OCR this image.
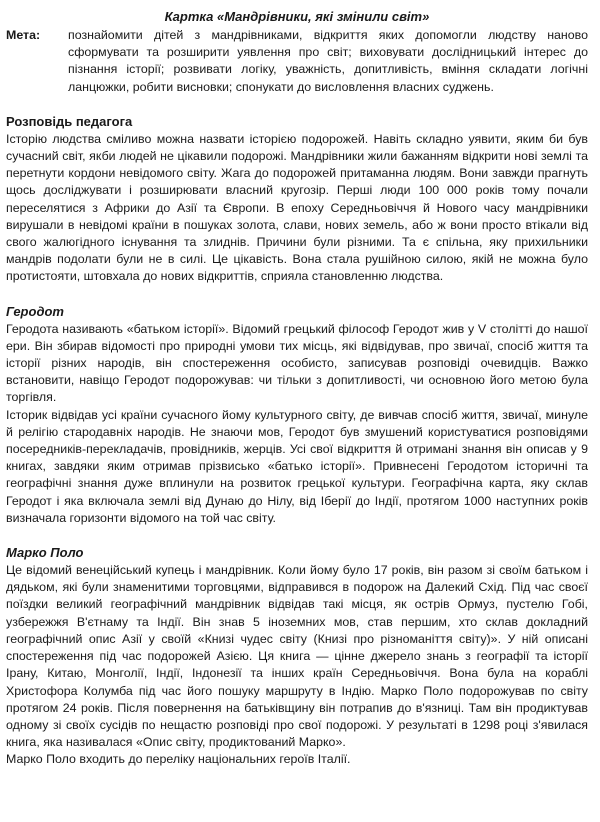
Картка «Мандрівники, які змінили світ»
Мета:	познайомити дітей з мандрівниками, відкриття яких допомогли людству наново сформувати та розширити уявлення про світ; виховувати дослідницький інтерес до пізнання історії; розвивати логіку, уважність, допитливість, вміння складати логічні ланцюжки, робити висновки; спонукати до висловлення власних суджень.
Розповідь педагога

Історію людства сміливо можна назвати історією подорожей. Навіть складно уявити, яким би був сучасний світ, якби людей не цікавили подорожі. Мандрівники жили бажанням відкрити нові землі та перетнути кордони невідомого світу. Жага до подорожей притаманна людям. Вони завжди прагнуть щось досліджувати і розширювати власний кругозір. Перші люди 100 000 років тому почали переселятися з Африки до Азії та Європи. В епоху Середньовіччя й Нового часу мандрівники вирушали в невідомі країни в пошуках золота, слави, нових земель, або ж вони просто втікали від свого жалюгідного існування та злиднів. Причини були різними. Та є спільна, яку прихильники мандрів подолати були не в силі. Це цікавість. Вона стала рушійною силою, якій не можна було протистояти, штовхала до нових відкриттів, сприяла становленню людства.

Геродот

Геродота називають «батьком історії». Відомий грецький філософ Геродот жив у V столітті до нашої ери. Він збирав відомості про природні умови тих місць, які відвідував, про звичаї, спосіб життя та історії різних народів, він спостереження особисто, записував розповіді очевидців. Важко встановити, навіщо Геродот подорожував: чи тільки з допитливості, чи основною його метою була торгівля.

Історик відвідав усі країни сучасного йому культурного світу, де вивчав спосіб життя, звичаї, минуле й релігію стародавніх народів. Не знаючи мов, Геродот був змушений користуватися розповідями посередників-перекладачів, провідників, жерців. Усі свої відкриття й отримані знання він описав у 9 книгах, завдяки яким отримав прізвисько «батько історії». Привнесені Геродотом історичні та географічні знання дуже вплинули на розвиток грецької культури. Географічна карта, яку склав Геродот і яка включала землі від Дунаю до Нілу, від Іберії до Індії, протягом 1000 наступних років визначала горизонти відомого на той час світу.

Марко Поло

Це відомий венеційський купець і мандрівник. Коли йому було 17 років, він разом зі своїм батьком і дядьком, які були знаменитими торговцями, відправився в подорож на Далекий Схід. Під час своєї поїздки великий географічний мандрівник відвідав такі місця, як острів Ормуз, пустелю Гобі, узбережжя В'єтнаму та Індії. Він знав 5 іноземних мов, став першим, хто склав докладний географічний опис Азії у своїй «Книзі чудес світу (Книзі про різноманіття світу)». У ній описані спостереження під час подорожей Азією. Ця книга — цінне джерело знань з географії та історії Ірану, Китаю, Монголії, Індії, Індонезії та інших країн Середньовіччя. Вона була на кораблі Христофора Колумба під час його пошуку маршруту в Індію. Марко Поло подорожував по світу протягом 24 років. Після повернення на батьківщину він потрапив до в'язниці. Там він продиктував одному зі своїх сусідів по нещастю розповіді про свої подорожі. У результаті в 1298 році з'явилася книга, яка називалася «Опис світу, продиктований Марко».

Марко Поло входить до переліку національних героїв Італії.
